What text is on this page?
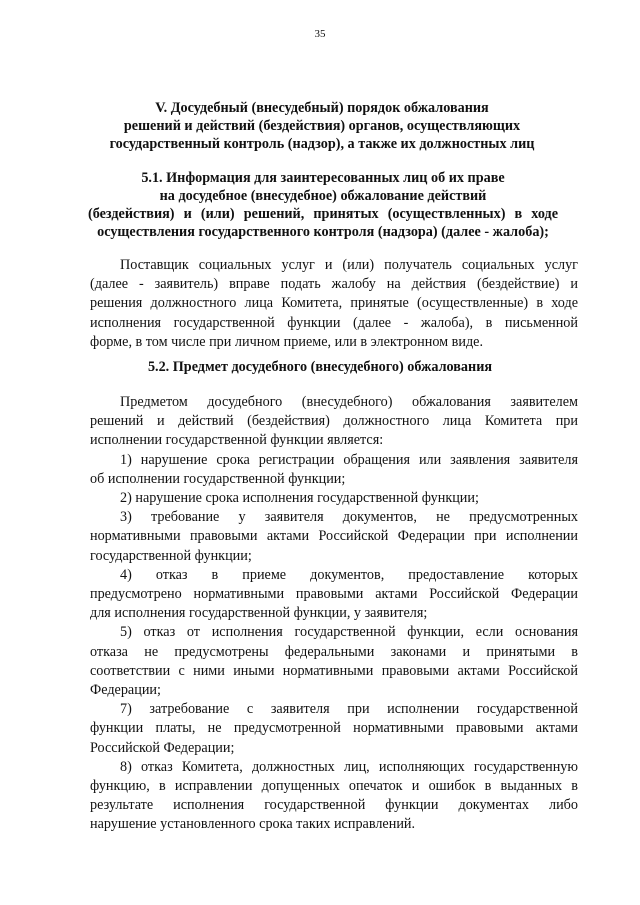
35
V. Досудебный (внесудебный) порядок обжалования
решений и действий (бездействия) органов, осуществляющих
государственный контроль (надзор), а также их должностных лиц
5.1. Информация для заинтересованных лиц об их праве
на досудебное (внесудебное) обжалование действий
(бездействия) и (или) решений, принятых (осуществленных) в ходе
осуществления государственного контроля (надзора) (далее - жалоба);
Поставщик социальных услуг и (или) получатель социальных услуг
(далее - заявитель) вправе подать жалобу на действия (бездействие) и
решения должностного лица Комитета, принятые (осуществленные) в ходе
исполнения государственной функции (далее - жалоба), в письменной
форме, в том числе при личном приеме, или в электронном виде.
5.2. Предмет досудебного (внесудебного) обжалования
Предметом досудебного (внесудебного) обжалования заявителем
решений и действий (бездействия) должностного лица Комитета при
исполнении государственной функции является:
1) нарушение срока регистрации обращения или заявления заявителя
об исполнении государственной функции;
2) нарушение срока исполнения государственной функции;
3) требование у заявителя документов, не предусмотренных
нормативными правовыми актами Российской Федерации при исполнении
государственной функции;
4) отказ в приеме документов, предоставление которых
предусмотрено нормативными правовыми актами Российской Федерации
для исполнения государственной функции, у заявителя;
5) отказ от исполнения государственной функции, если основания
отказа не предусмотрены федеральными законами и принятыми в
соответствии с ними иными нормативными правовыми актами Российской
Федерации;
7) затребование с заявителя при исполнении государственной
функции платы, не предусмотренной нормативными правовыми актами
Российской Федерации;
8) отказ Комитета, должностных лиц, исполняющих государственную
функцию, в исправлении допущенных опечаток и ошибок в выданных в
результате исполнения государственной функции документах либо
нарушение установленного срока таких исправлений.
